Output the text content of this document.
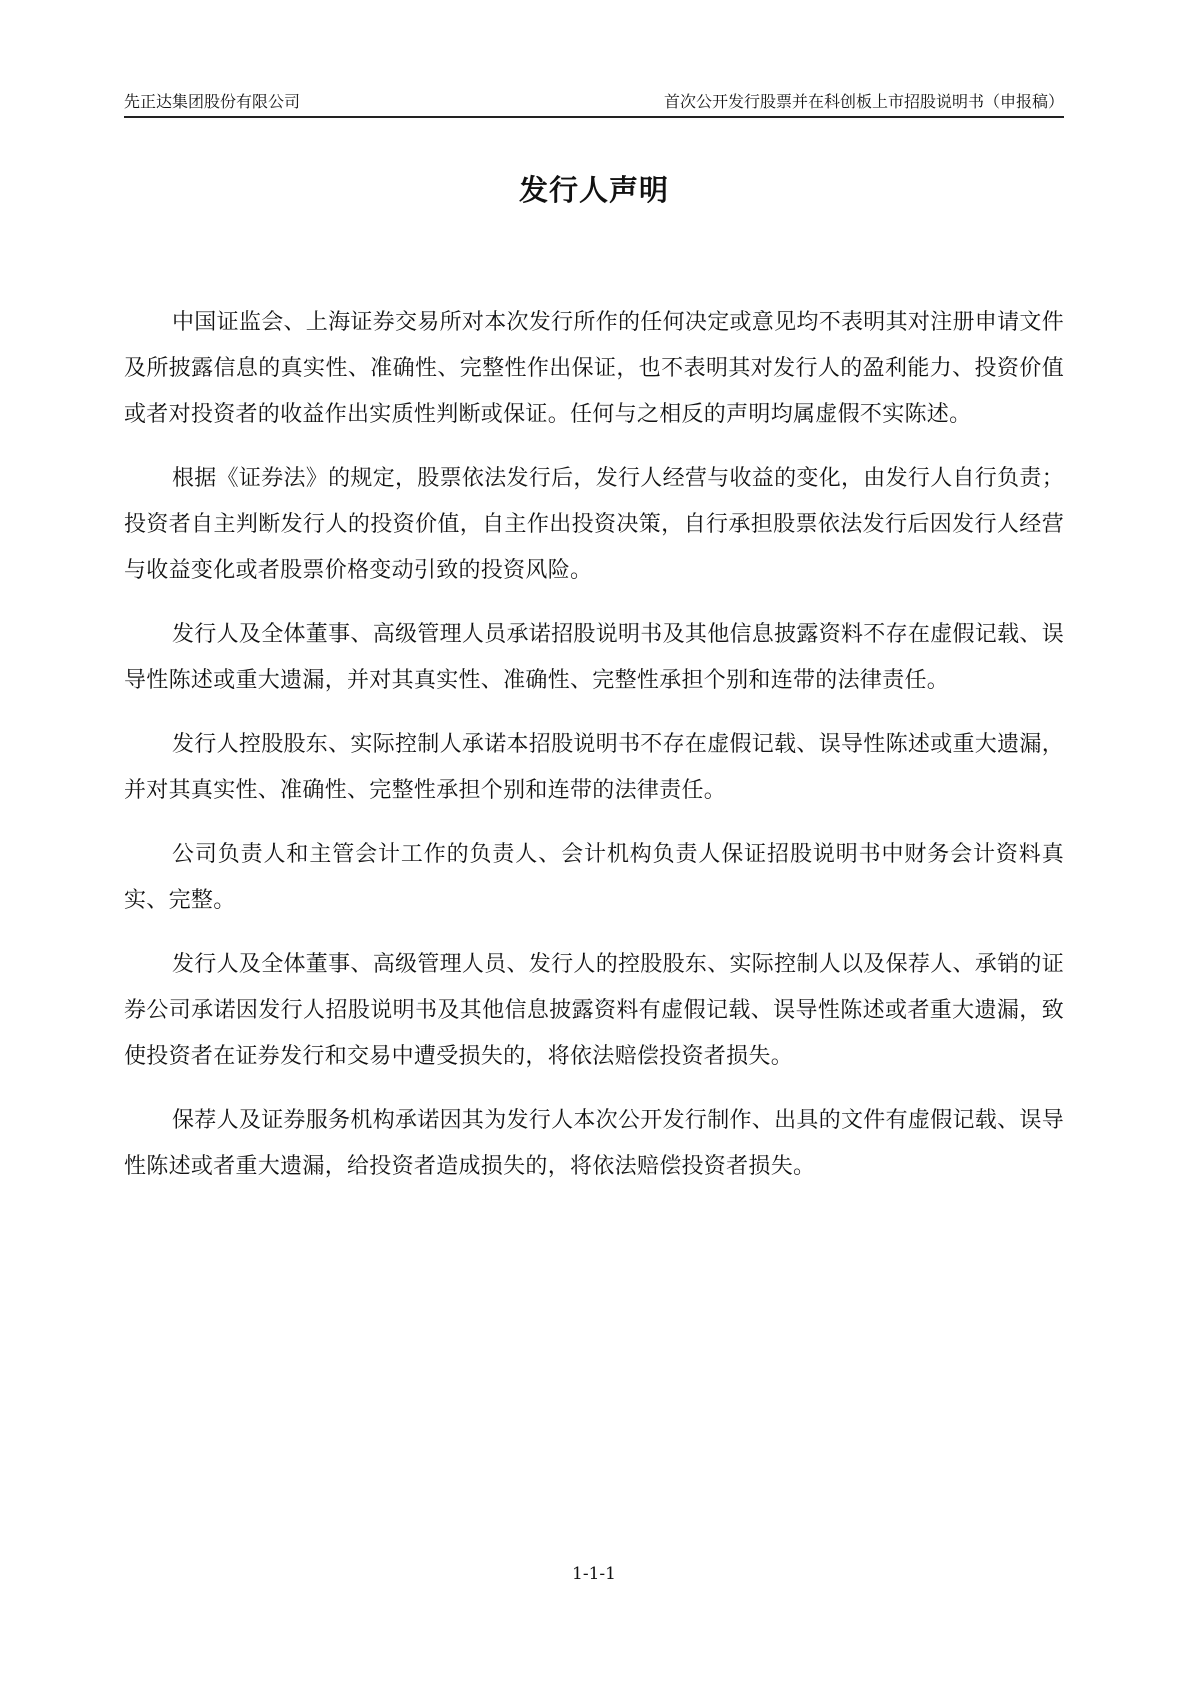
先正达集团股份有限公司	首次公开发行股票并在科创板上市招股说明书（申报稿）
发行人声明

中国证监会、上海证券交易所对本次发行所作的任何决定或意见均不表明其对注册申请文件及所披露信息的真实性、准确性、完整性作出保证，也不表明其对发行人的盈利能力、投资价值或者对投资者的收益作出实质性判断或保证。任何与之相反的声明均属虚假不实陈述。

根据《证券法》的规定，股票依法发行后，发行人经营与收益的变化，由发行人自行负责；投资者自主判断发行人的投资价值，自主作出投资决策，自行承担股票依法发行后因发行人经营与收益变化或者股票价格变动引致的投资风险。

发行人及全体董事、高级管理人员承诺招股说明书及其他信息披露资料不存在虚假记载、误导性陈述或重大遗漏，并对其真实性、准确性、完整性承担个别和连带的法律责任。

发行人控股股东、实际控制人承诺本招股说明书不存在虚假记载、误导性陈述或重大遗漏，并对其真实性、准确性、完整性承担个别和连带的法律责任。

公司负责人和主管会计工作的负责人、会计机构负责人保证招股说明书中财务会计资料真实、完整。

发行人及全体董事、高级管理人员、发行人的控股股东、实际控制人以及保荐人、承销的证券公司承诺因发行人招股说明书及其他信息披露资料有虚假记载、误导性陈述或者重大遗漏，致使投资者在证券发行和交易中遭受损失的，将依法赔偿投资者损失。

保荐人及证券服务机构承诺因其为发行人本次公开发行制作、出具的文件有虚假记载、误导性陈述或者重大遗漏，给投资者造成损失的，将依法赔偿投资者损失。

1-1-1
